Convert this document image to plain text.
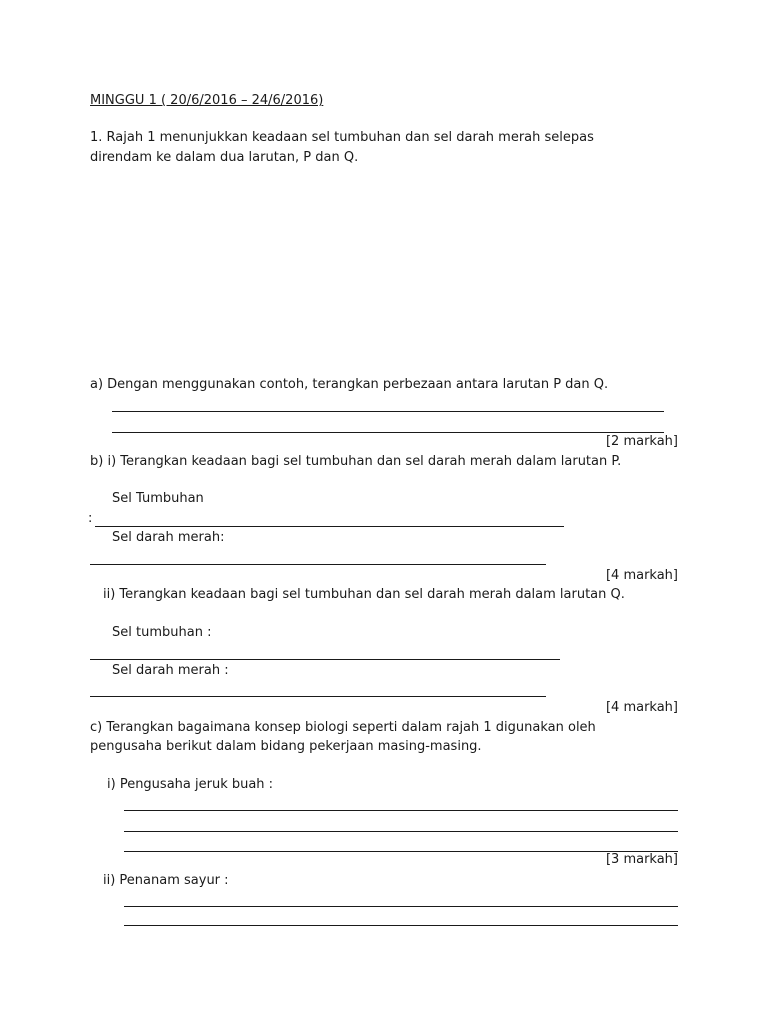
MINGGU 1 ( 20/6/2016 – 24/6/2016)
1. Rajah 1 menunjukkan keadaan sel tumbuhan dan sel darah merah selepas
direndam ke dalam dua larutan, P dan Q.
a) Dengan menggunakan contoh, terangkan perbezaan antara larutan P dan Q.
[2 markah]
b) i) Terangkan keadaan bagi sel tumbuhan dan sel darah merah dalam larutan P.
Sel Tumbuhan
:
Sel darah merah:
[4 markah]
ii) Terangkan keadaan bagi sel tumbuhan dan sel darah merah dalam larutan Q.
Sel tumbuhan :
Sel darah merah :
[4 markah]
c) Terangkan bagaimana konsep biologi seperti dalam rajah 1 digunakan oleh
pengusaha berikut dalam bidang pekerjaan masing-masing.
i) Pengusaha jeruk buah :
[3 markah]
ii) Penanam sayur :
